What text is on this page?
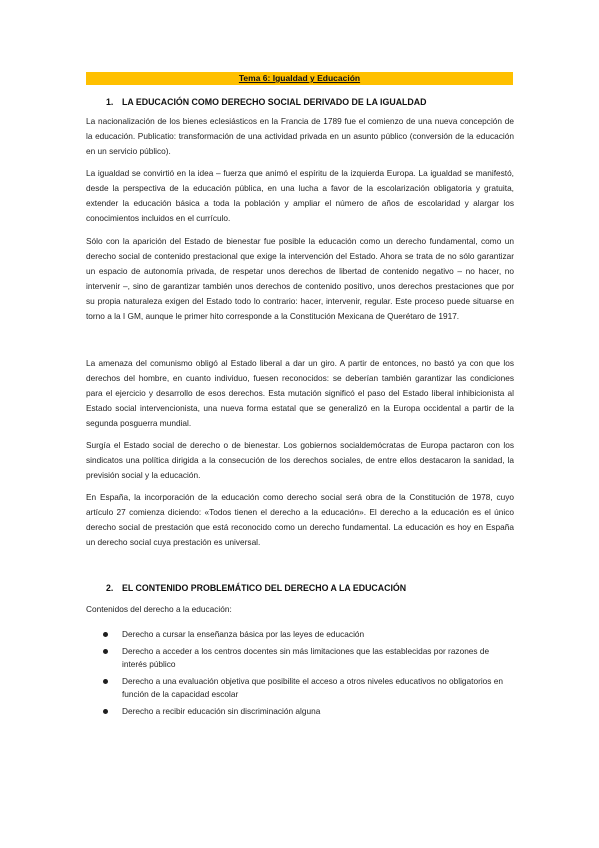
Tema 6: Igualdad y Educación
1. LA EDUCACIÓN COMO DERECHO SOCIAL DERIVADO DE LA IGUALDAD
La nacionalización de los bienes eclesiásticos en la Francia de 1789 fue el comienzo de una nueva concepción de la educación. Publicatio: transformación de una actividad privada en un asunto público (conversión de la educación en un servicio público).
La igualdad se convirtió en la idea – fuerza que animó el espíritu de la izquierda Europa. La igualdad se manifestó, desde la perspectiva de la educación pública, en una lucha a favor de la escolarización obligatoria y gratuita, extender la educación básica a toda la población y ampliar el número de años de escolaridad y alargar los conocimientos incluidos en el currículo.
Sólo con la aparición del Estado de bienestar fue posible la educación como un derecho fundamental, como un derecho social de contenido prestacional que exige la intervención del Estado. Ahora se trata de no sólo garantizar un espacio de autonomía privada, de respetar unos derechos de libertad de contenido negativo – no hacer, no intervenir –, sino de garantizar también unos derechos de contenido positivo, unos derechos prestaciones que por su propia naturaleza exigen del Estado todo lo contrario: hacer, intervenir, regular. Este proceso puede situarse en torno a la I GM, aunque le primer hito corresponde a la Constitución Mexicana de Querétaro de 1917.
La amenaza del comunismo obligó al Estado liberal a dar un giro. A partir de entonces, no bastó ya con que los derechos del hombre, en cuanto individuo, fuesen reconocidos: se deberían también garantizar las condiciones para el ejercicio y desarrollo de esos derechos. Esta mutación significó el paso del Estado liberal inhibicionista al Estado social intervencionista, una nueva forma estatal que se generalizó en la Europa occidental a partir de la segunda posguerra mundial.
Surgía el Estado social de derecho o de bienestar. Los gobiernos socialdemócratas de Europa pactaron con los sindicatos una política dirigida a la consecución de los derechos sociales, de entre ellos destacaron la sanidad, la previsión social y la educación.
En España, la incorporación de la educación como derecho social será obra de la Constitución de 1978, cuyo artículo 27 comienza diciendo: «Todos tienen el derecho a la educación». El derecho a la educación es el único derecho social de prestación que está reconocido como un derecho fundamental. La educación es hoy en España un derecho social cuya prestación es universal.
2. EL CONTENIDO PROBLEMÁTICO DEL DERECHO A LA EDUCACIÓN
Contenidos del derecho a la educación:
Derecho a cursar la enseñanza básica por las leyes de educación
Derecho a acceder a los centros docentes sin más limitaciones que las establecidas por razones de interés público
Derecho a una evaluación objetiva que posibilite el acceso a otros niveles educativos no obligatorios en función de la capacidad escolar
Derecho a recibir educación sin discriminación alguna
